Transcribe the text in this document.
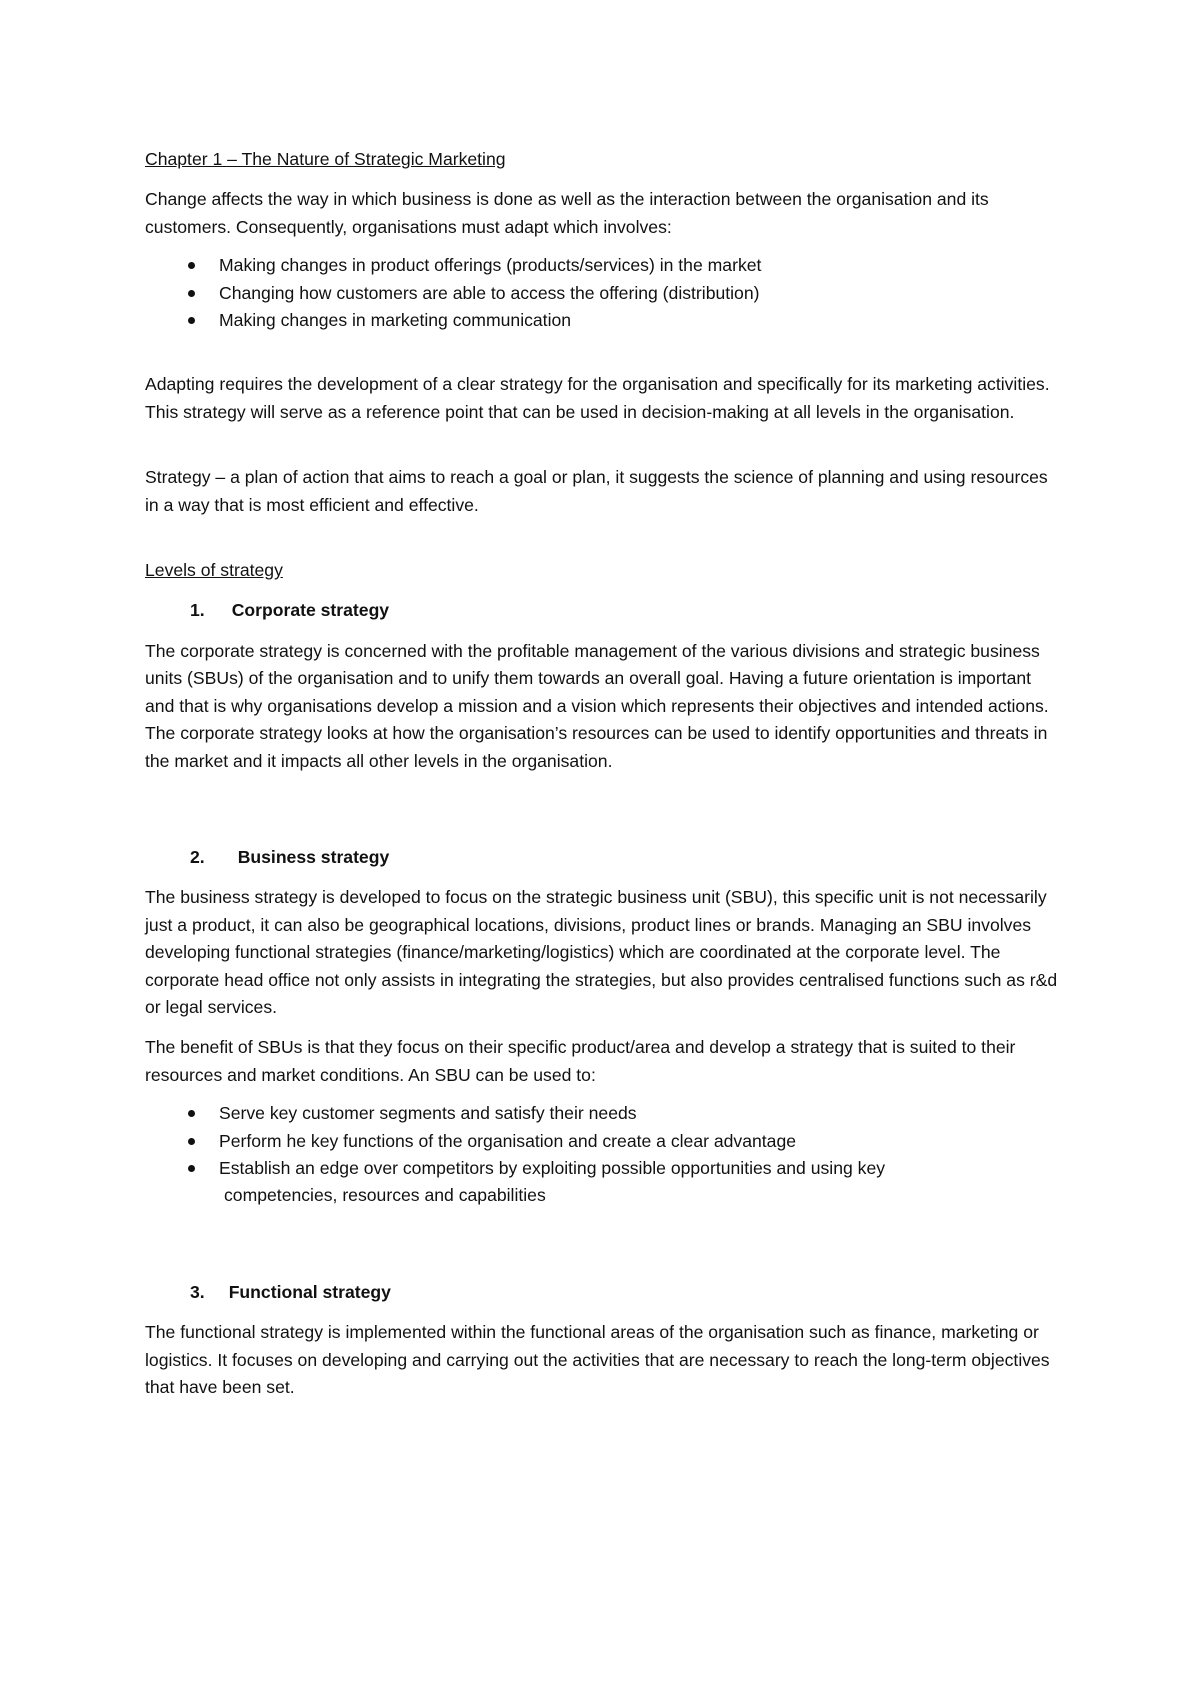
Chapter 1 – The Nature of Strategic Marketing

Change affects the way in which business is done as well as the interaction between the organisation and its customers. Consequently, organisations must adapt which involves:

Making changes in product offerings (products/services) in the market
Changing how customers are able to access the offering (distribution)
Making changes in marketing communication

Adapting requires the development of a clear strategy for the organisation and specifically for its marketing activities. This strategy will serve as a reference point that can be used in decision-making at all levels in the organisation.

Strategy – a plan of action that aims to reach a goal or plan, it suggests the science of planning and using resources in a way that is most efficient and effective.

Levels of strategy

1. Corporate strategy

The corporate strategy is concerned with the profitable management of the various divisions and strategic business units (SBUs) of the organisation and to unify them towards an overall goal. Having a future orientation is important and that is why organisations develop a mission and a vision which represents their objectives and intended actions. The corporate strategy looks at how the organisation’s resources can be used to identify opportunities and threats in the market and it impacts all other levels in the organisation.

2. Business strategy

The business strategy is developed to focus on the strategic business unit (SBU), this specific unit is not necessarily just a product, it can also be geographical locations, divisions, product lines or brands. Managing an SBU involves developing functional strategies (finance/marketing/logistics) which are coordinated at the corporate level. The corporate head office not only assists in integrating the strategies, but also provides centralised functions such as r&d or legal services.

The benefit of SBUs is that they focus on their specific product/area and develop a strategy that is suited to their resources and market conditions. An SBU can be used to:

Serve key customer segments and satisfy their needs
Perform he key functions of the organisation and create a clear advantage
Establish an edge over competitors by exploiting possible opportunities and using key
competencies, resources and capabilities
3. Functional strategy

The functional strategy is implemented within the functional areas of the organisation such as finance, marketing or logistics. It focuses on developing and carrying out the activities that are necessary to reach the long-term objectives that have been set.
